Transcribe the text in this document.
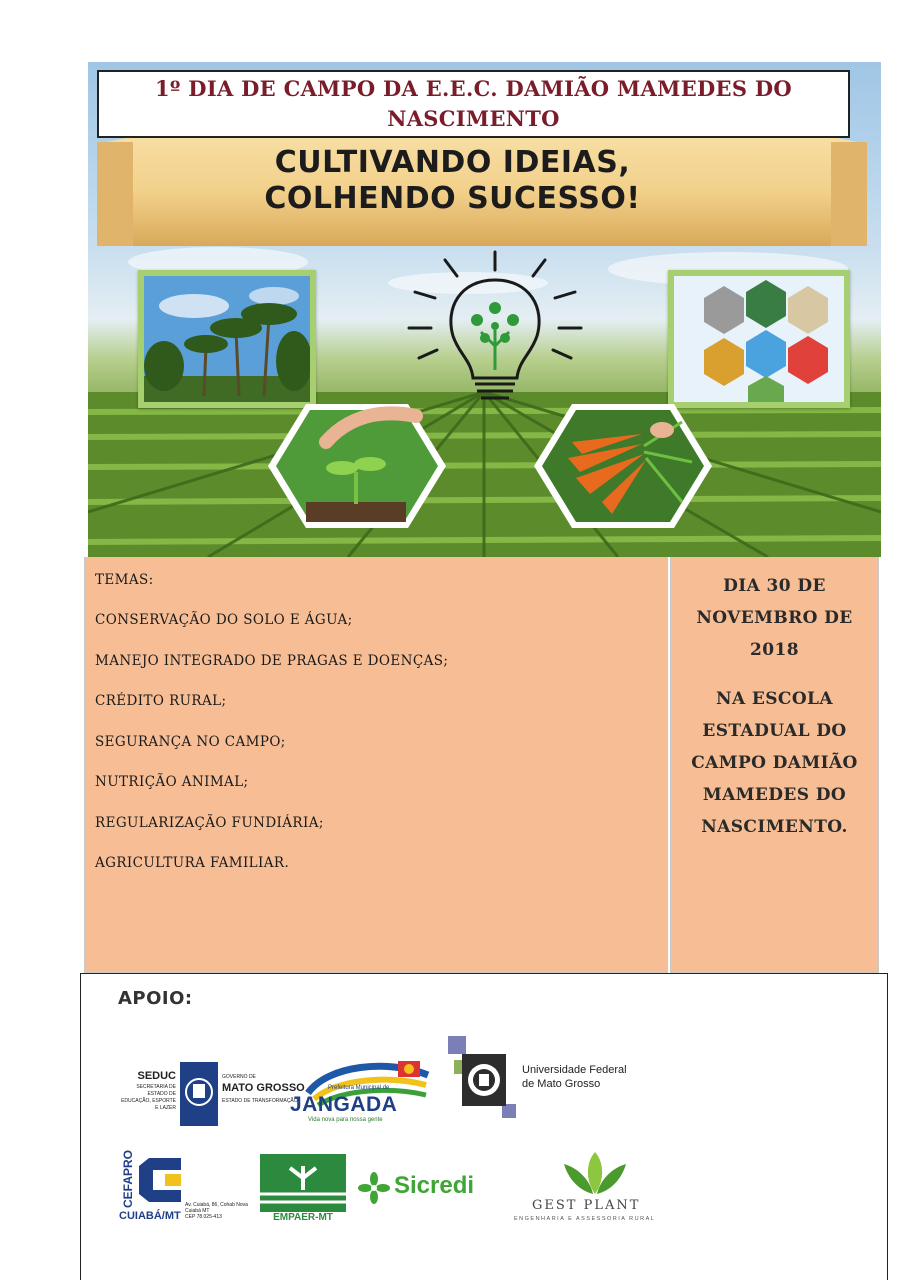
CULTIVANDO IDEIAS,
COLHENDO SUCESSO!
1º DIA DE CAMPO DA E.E.C. DAMIÃO MAMEDES DO NASCIMENTO
TEMAS:
CONSERVAÇÃO DO SOLO E ÁGUA;
MANEJO INTEGRADO DE PRAGAS E DOENÇAS;
CRÉDITO RURAL;
SEGURANÇA NO CAMPO;
NUTRIÇÃO ANIMAL;
REGULARIZAÇÃO FUNDIÁRIA;
AGRICULTURA FAMILIAR.
DIA 30 DE NOVEMBRO DE 2018
NA ESCOLA ESTADUAL DO CAMPO DAMIÃO MAMEDES DO NASCIMENTO.
APOIO:
SEDUC
SECRETARIA DE ESTADO DE EDUCAÇÃO, ESPORTE E LAZER
GOVERNO DE
MATO GROSSO
ESTADO DE TRANSFORMAÇÃO
Prefeitura Municipal de
JANGADA
Vida nova para nossa gente
Universidade Federal
de Mato Grosso
CEFAPRO
CUIABÁ/MT
Av. Cuiabá, 86, Cohab Nova
Cuiabá MT
CEP 78.025-413	EMPAER-MT
Sicredi
GEST PLANT
ENGENHARIA E ASSESSORIA RURAL
